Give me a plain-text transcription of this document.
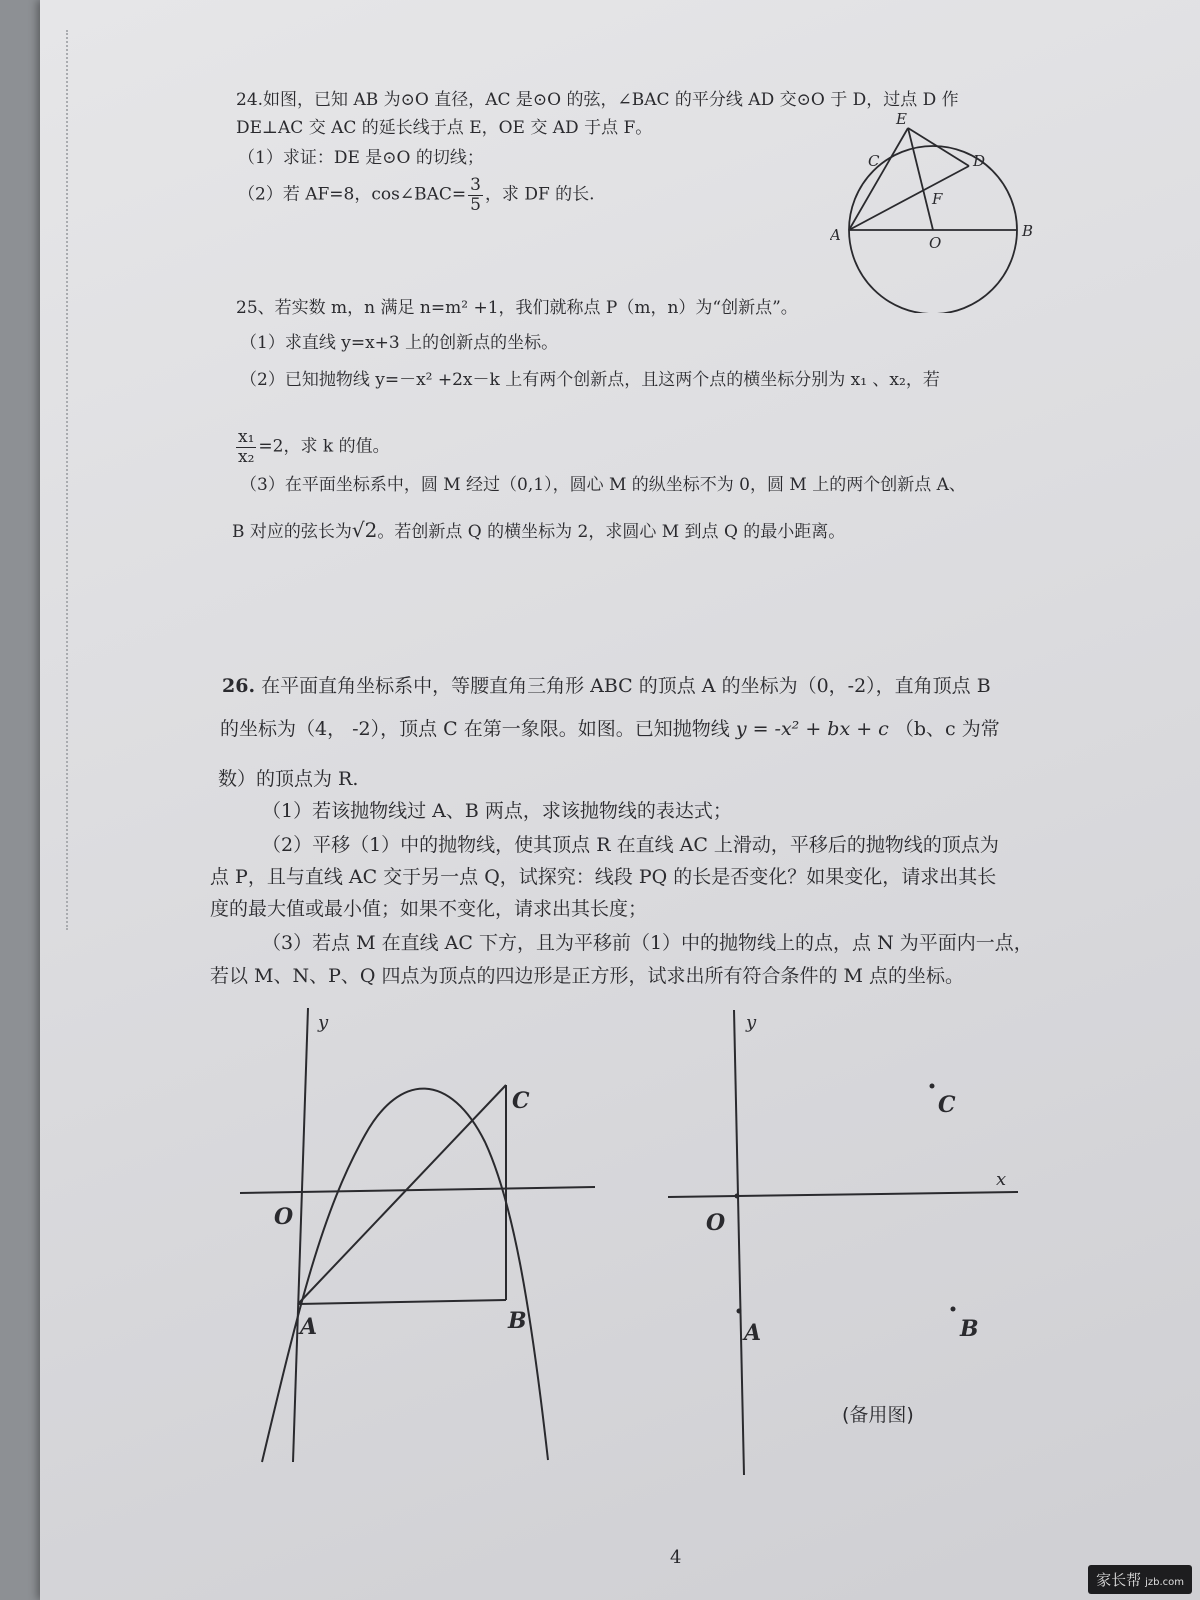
24.如图，已知 AB 为⊙O 直径，AC 是⊙O 的弦，∠BAC 的平分线 AD 交⊙O 于 D，过点 D 作
DE⊥AC 交 AC 的延长线于点 E，OE 交 AD 于点 F。
（1）求证：DE 是⊙O 的切线；
（2）若 AF=8，cos∠BAC= $\frac{3}{5}$ ，求 DF 的长.
E
C	D
F
A	O
B
25、若实数 m，n 满足 n=m² +1，我们就称点 P（m，n）为“创新点”。
（1）求直线 y=x+3 上的创新点的坐标。
（2）已知抛物线 y=－x² +2x－k 上有两个创新点，且这两个点的横坐标分别为 x₁ 、x₂，若
$\frac{\text{x₁}}{\text{x₂}} =2$，求 k 的值。
（3）在平面坐标系中，圆 M 经过（0,1），圆心 M 的纵坐标不为 0，圆 M 上的两个创新点 A、
B 对应的弦长为√2。若创新点 Q 的横坐标为 2，求圆心 M 到点 Q 的最小距离。
26. 在平面直角坐标系中，等腰直角三角形 ABC 的顶点 A 的坐标为（0，-2），直角顶点 B
的坐标为（4， -2），顶点 C 在第一象限。如图。已知抛物线 y = -x² + bx + c （b、c 为常
数）的顶点为 R.
（1）若该抛物线过 A、B 两点，求该抛物线的表达式；
（2）平移（1）中的抛物线，使其顶点 R 在直线 AC 上滑动，平移后的抛物线的顶点为
点 P，且与直线 AC 交于另一点 Q，试探究：线段 PQ 的长是否变化？如果变化，请求出其长
度的最大值或最小值；如果不变化，请求出其长度；
（3）若点 M 在直线 AC 下方，且为平移前（1）中的抛物线上的点，点 N 为平面内一点，
若以 M、N、P、Q 四点为顶点的四边形是正方形，试求出所有符合条件的 M 点的坐标。
y
C
O
A	B
y
x
C
O
A	B
(备用图)
4
家长帮 jzb.com
